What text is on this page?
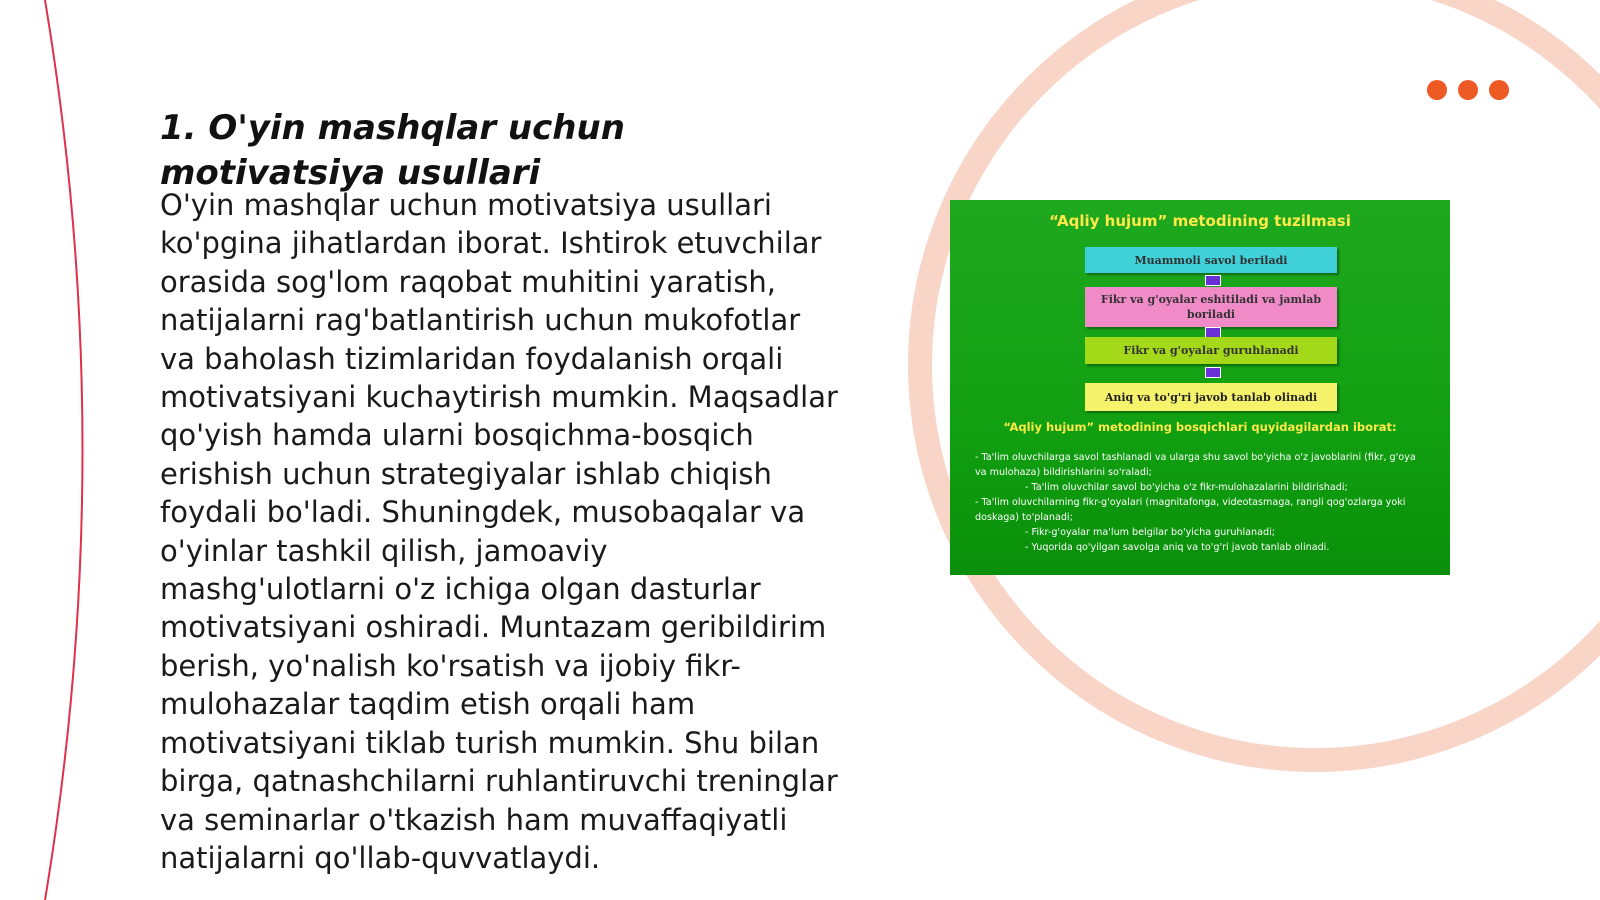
1. O'yin mashqlar uchun motivatsiya usullari

O'yin mashqlar uchun motivatsiya usullari ko'pgina jihatlardan iborat. Ishtirok etuvchilar orasida sog'lom raqobat muhitini yaratish, natijalarni rag'batlantirish uchun mukofotlar va baholash tizimlaridan foydalanish orqali motivatsiyani kuchaytirish mumkin. Maqsadlar qo'yish hamda ularni bosqichma-bosqich erishish uchun strategiyalar ishlab chiqish foydali bo'ladi. Shuningdek, musobaqalar va o'yinlar tashkil qilish, jamoaviy mashg'ulotlarni o'z ichiga olgan dasturlar motivatsiyani oshiradi. Muntazam geribildirim berish, yo'nalish ko'rsatish va ijobiy fikr-mulohazalar taqdim etish orqali ham motivatsiyani tiklab turish mumkin. Shu bilan birga, qatnashchilarni ruhlantiruvchi treninglar va seminarlar o'tkazish ham muvaffaqiyatli natijalarni qo'llab-quvvatlaydi.

“Aqliy hujum” metodining tuzilmasi
Muammoli savol beriladi
Fikr va g'oyalar eshitiladi va jamlab boriladi
Fikr va g'oyalar guruhlanadi
Aniq va to'g'ri javob tanlab olinadi
“Aqliy hujum” metodining bosqichlari quyidagilardan iborat:

- Ta'lim oluvchilarga savol tashlanadi va ularga shu savol bo'yicha o'z javoblarini (fikr, g'oya va mulohaza) bildirishlarini so'raladi;

- Ta'lim oluvchilar savol bo'yicha o'z fikr-mulohazalarini bildirishadi;

- Ta'lim oluvchilarning fikr-g'oyalari (magnitafonga, videotasmaga, rangli qog'ozlarga yoki doskaga) to'planadi;

- Fikr-g'oyalar ma'lum belgilar bo'yicha guruhlanadi;

- Yuqorida qo'yilgan savolga aniq va to'g'ri javob tanlab olinadi.
